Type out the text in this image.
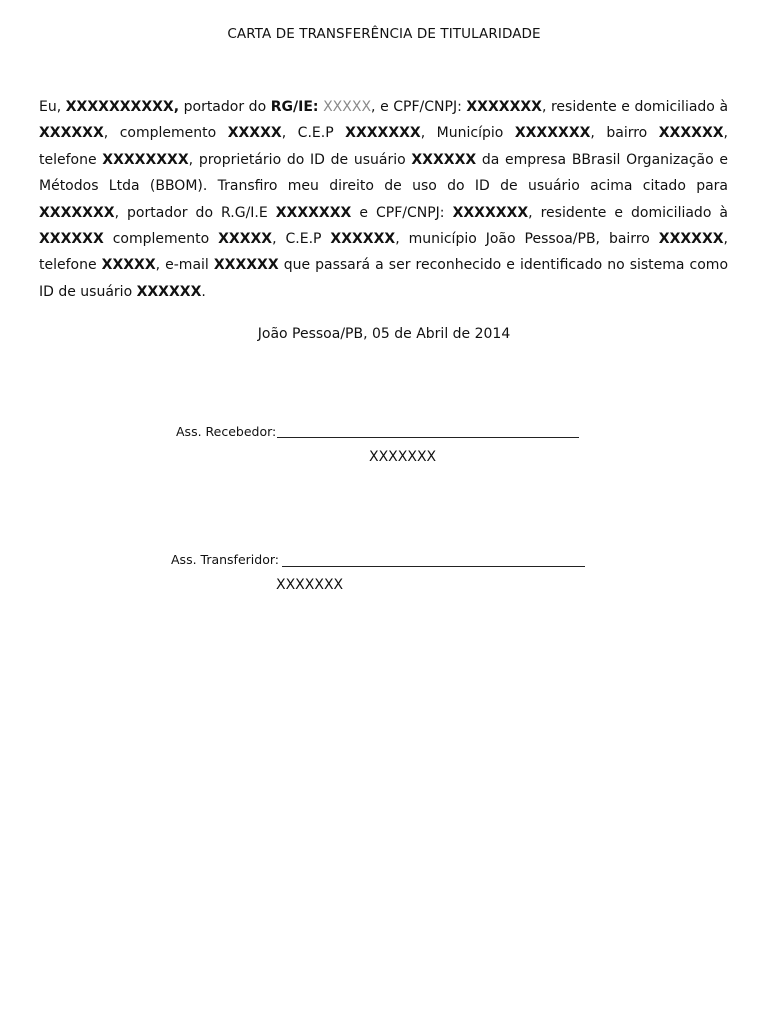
CARTA DE TRANSFERÊNCIA DE TITULARIDADE
Eu, XXXXXXXXXX, portador do RG/IE: XXXXX, e CPF/CNPJ: XXXXXXX, residente e domiciliado à XXXXXX, complemento XXXXX, C.E.P XXXXXXX, Município XXXXXXX, bairro XXXXXX, telefone XXXXXXXX, proprietário do ID de usuário XXXXXX da empresa BBrasil Organização e Métodos Ltda (BBOM). Transfiro meu direito de uso do ID de usuário acima citado para XXXXXXX, portador do R.G/I.E XXXXXXX e CPF/CNPJ: XXXXXXX, residente e domiciliado à XXXXXX complemento XXXXX, C.E.P XXXXXX, município João Pessoa/PB, bairro XXXXXX, telefone XXXXX, e-mail XXXXXX que passará a ser reconhecido e identificado no sistema como ID de usuário XXXXXX.
João Pessoa/PB, 05 de Abril de 2014
Ass. Recebedor:
XXXXXXX
Ass. Transferidor:
XXXXXXX
